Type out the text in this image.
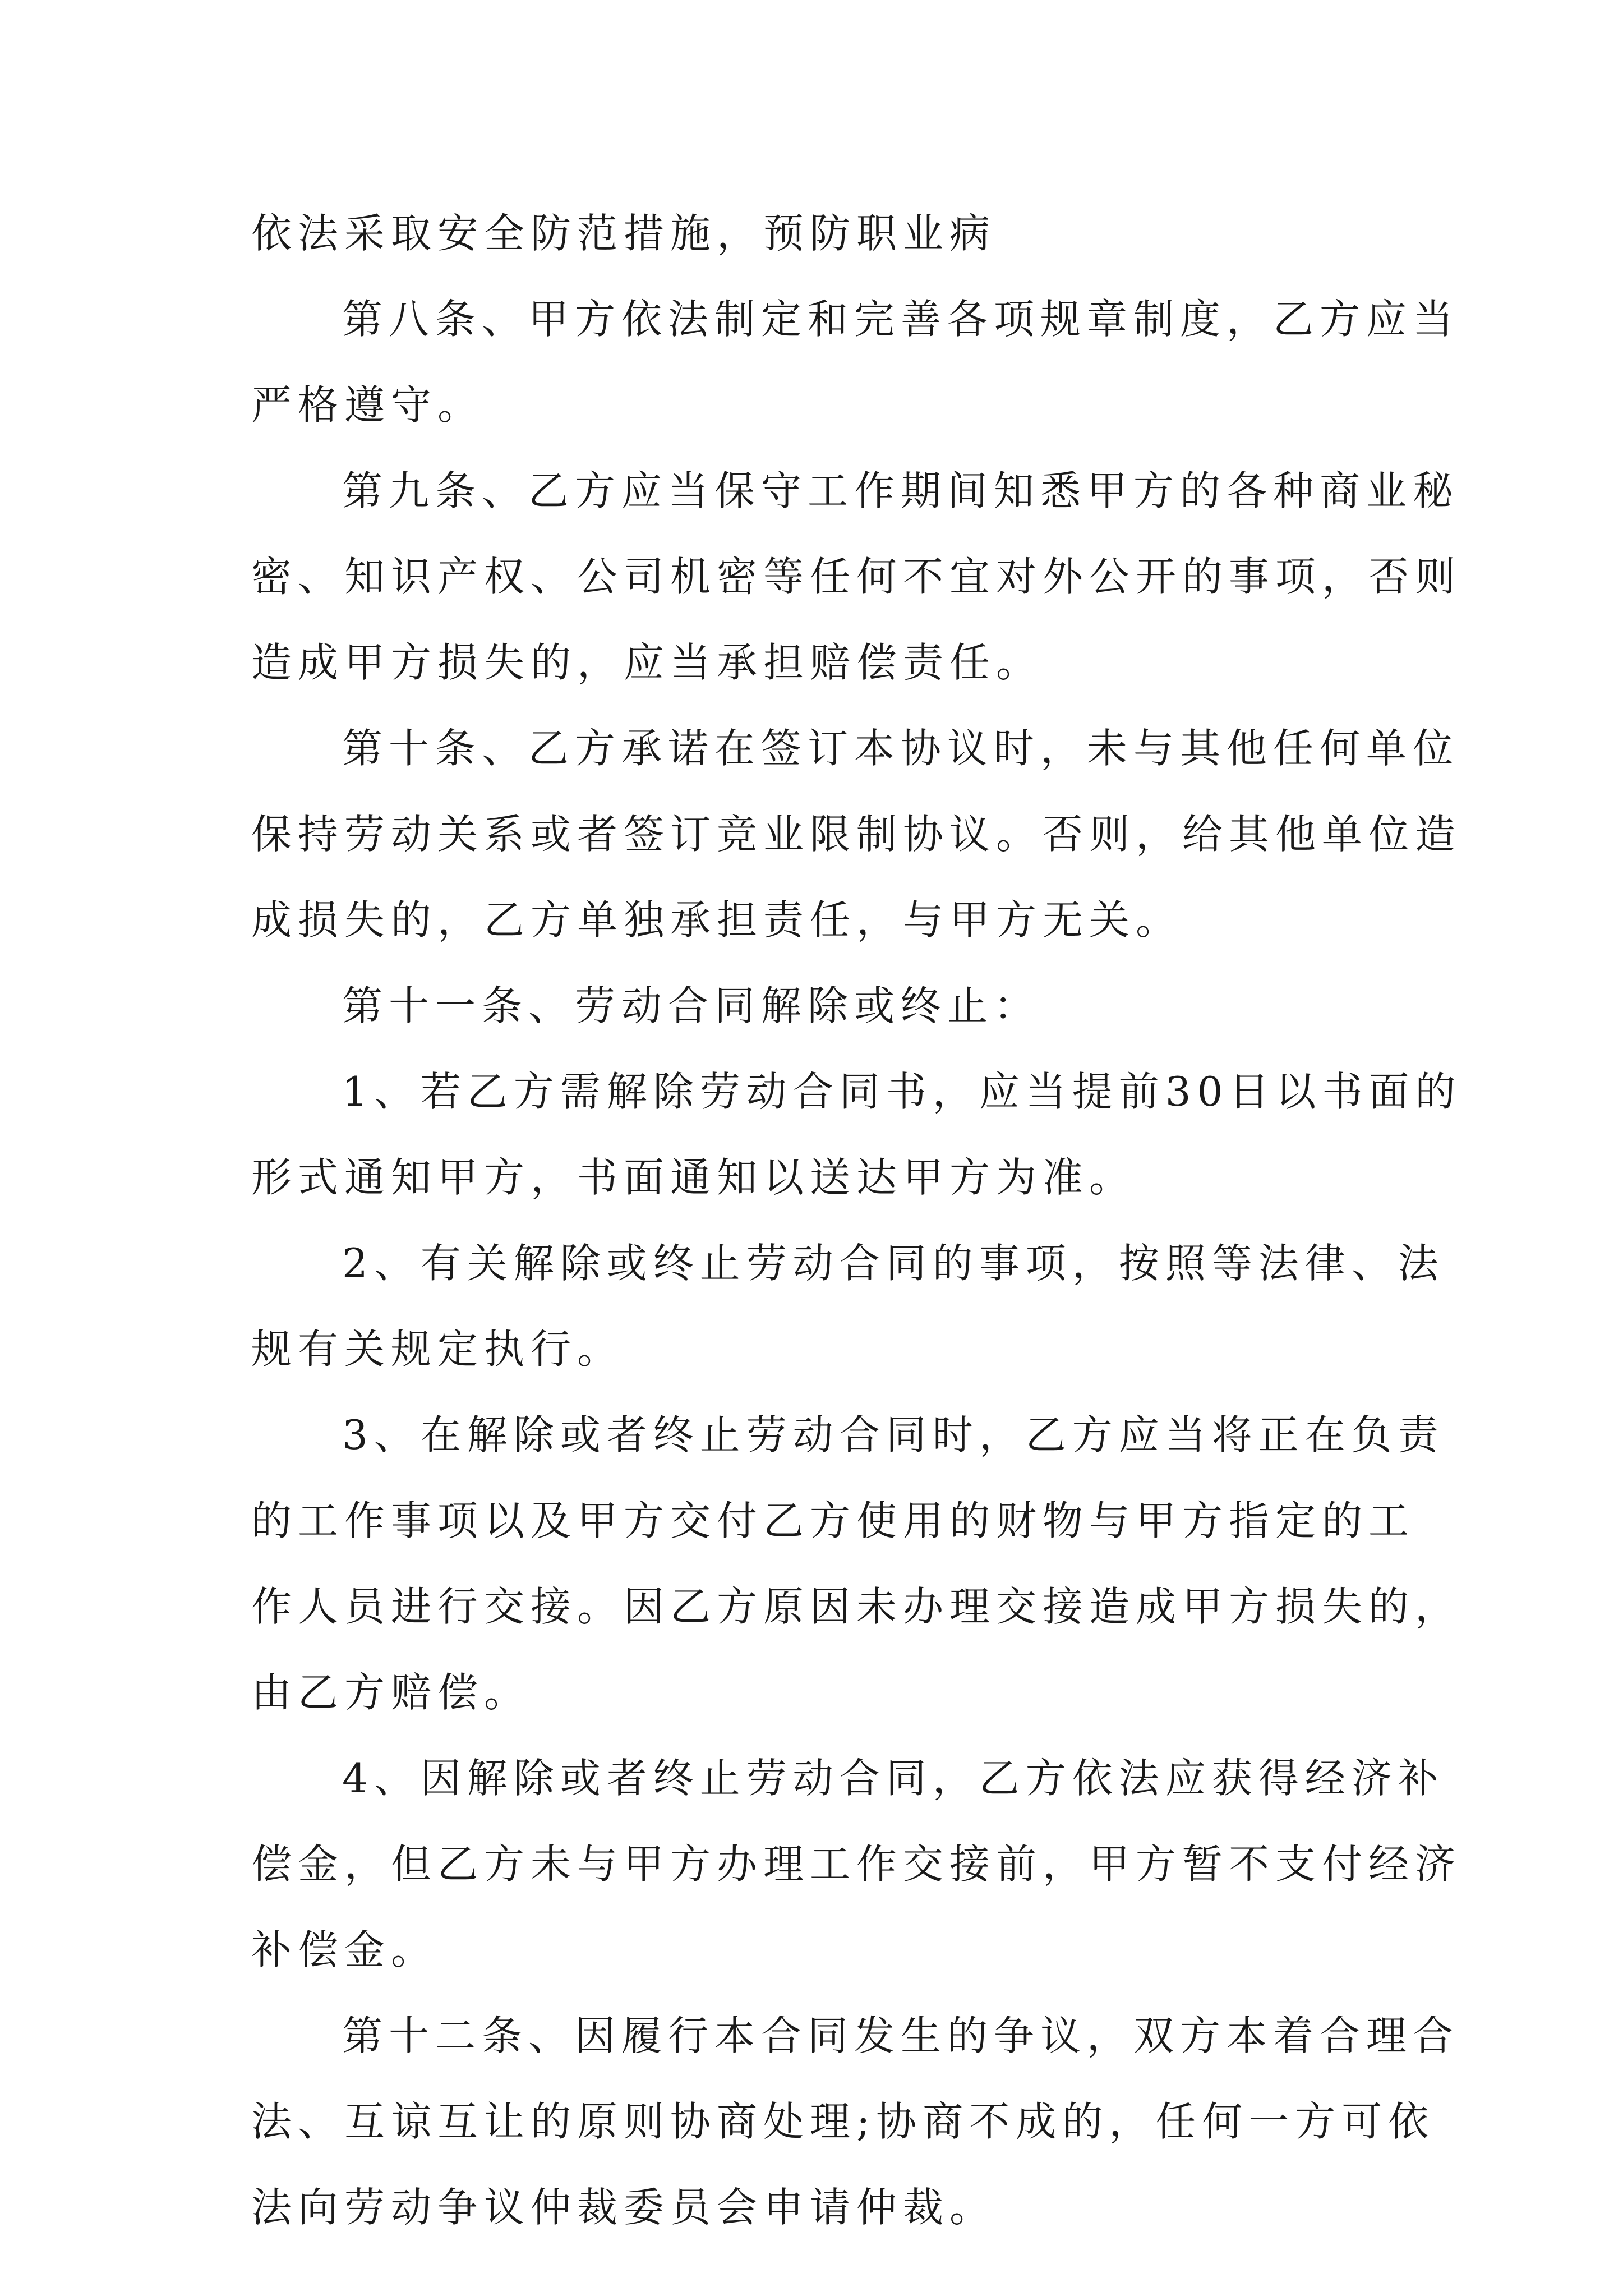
依法采取安全防范措施，预防职业病
第八条、甲方依法制定和完善各项规章制度，乙方应当
严格遵守。
第九条、乙方应当保守工作期间知悉甲方的各种商业秘
密、知识产权、公司机密等任何不宜对外公开的事项，否则
造成甲方损失的，应当承担赔偿责任。
第十条、乙方承诺在签订本协议时，未与其他任何单位
保持劳动关系或者签订竞业限制协议。否则，给其他单位造
成损失的，乙方单独承担责任，与甲方无关。
第十一条、劳动合同解除或终止：
1、若乙方需解除劳动合同书，应当提前30日以书面的
形式通知甲方，书面通知以送达甲方为准。
2、有关解除或终止劳动合同的事项，按照等法律、法
规有关规定执行。
3、在解除或者终止劳动合同时，乙方应当将正在负责
的工作事项以及甲方交付乙方使用的财物与甲方指定的工
作人员进行交接。因乙方原因未办理交接造成甲方损失的，
由乙方赔偿。
4、因解除或者终止劳动合同，乙方依法应获得经济补
偿金，但乙方未与甲方办理工作交接前，甲方暂不支付经济
补偿金。
第十二条、因履行本合同发生的争议，双方本着合理合
法、互谅互让的原则协商处理;协商不成的，任何一方可依
法向劳动争议仲裁委员会申请仲裁。
